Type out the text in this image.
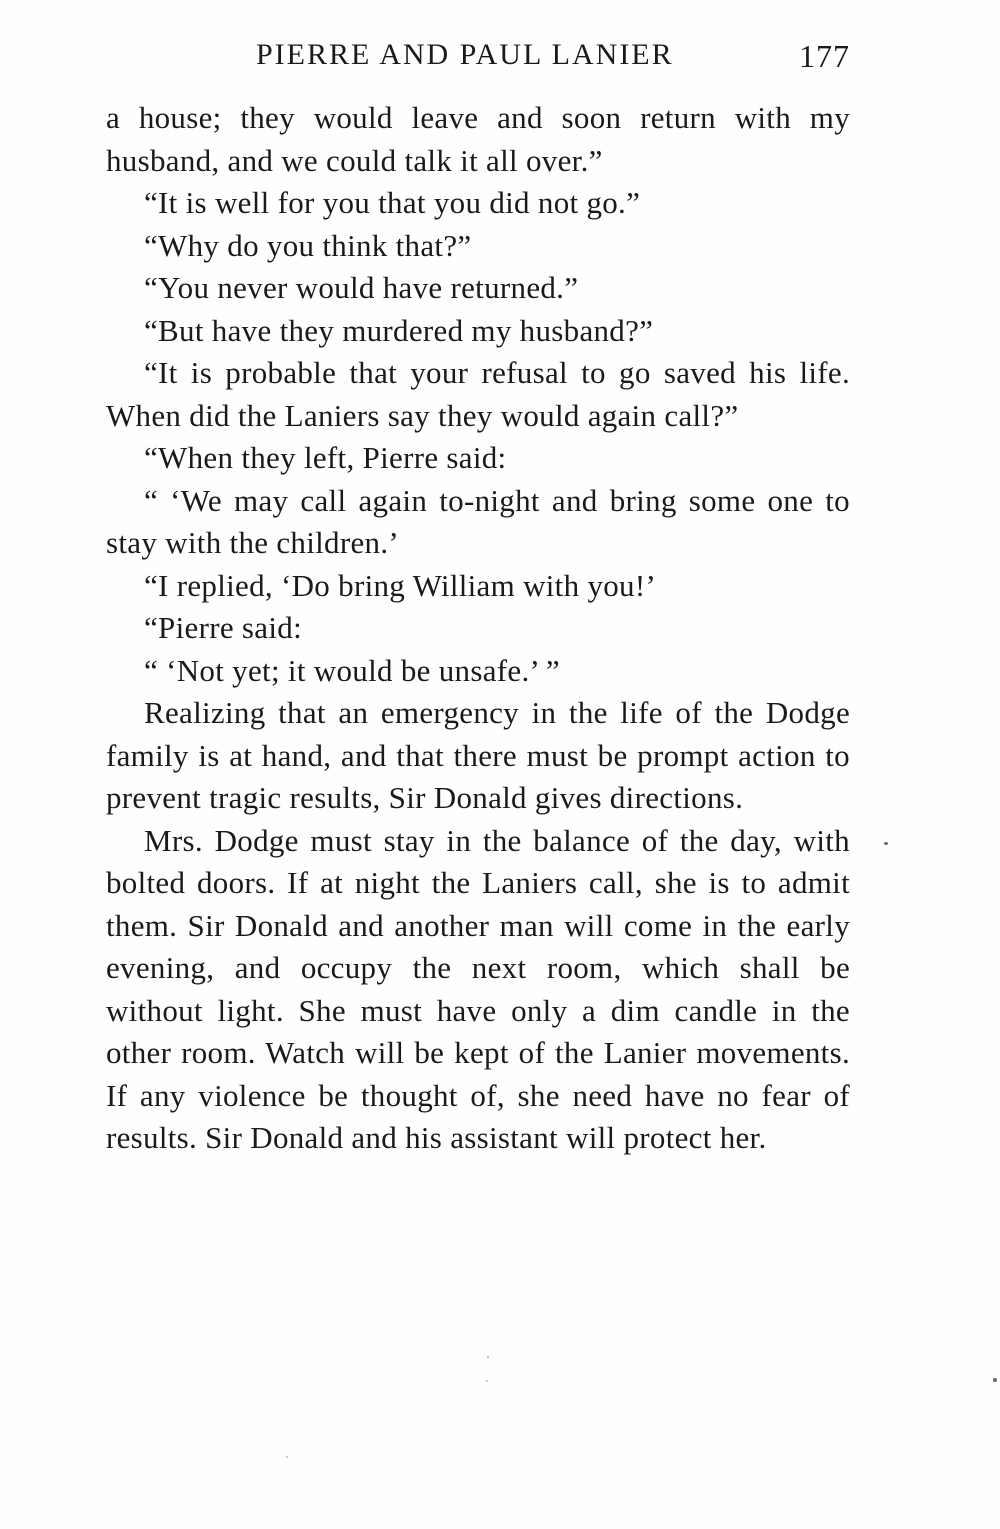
PIERRE AND PAUL LANIER	177

a house; they would leave and soon return with my husband, and we could talk it all over.”

“It is well for you that you did not go.”

“Why do you think that?”

“You never would have returned.”

“But have they murdered my husband?”

“It is probable that your refusal to go saved his life. When did the Laniers say they would again call?”

“When they left, Pierre said:

“ ‘We may call again to-night and bring some one to stay with the children.’

“I replied, ‘Do bring William with you!’

“Pierre said:

“ ‘Not yet; it would be unsafe.’ ”

Realizing that an emergency in the life of the Dodge family is at hand, and that there must be prompt action to prevent tragic results, Sir Donald gives directions.

Mrs. Dodge must stay in the balance of the day, with bolted doors. If at night the Laniers call, she is to admit them. Sir Donald and another man will come in the early evening, and occupy the next room, which shall be without light. She must have only a dim candle in the other room. Watch will be kept of the Lanier movements. If any violence be thought of, she need have no fear of results. Sir Donald and his assistant will protect her.
